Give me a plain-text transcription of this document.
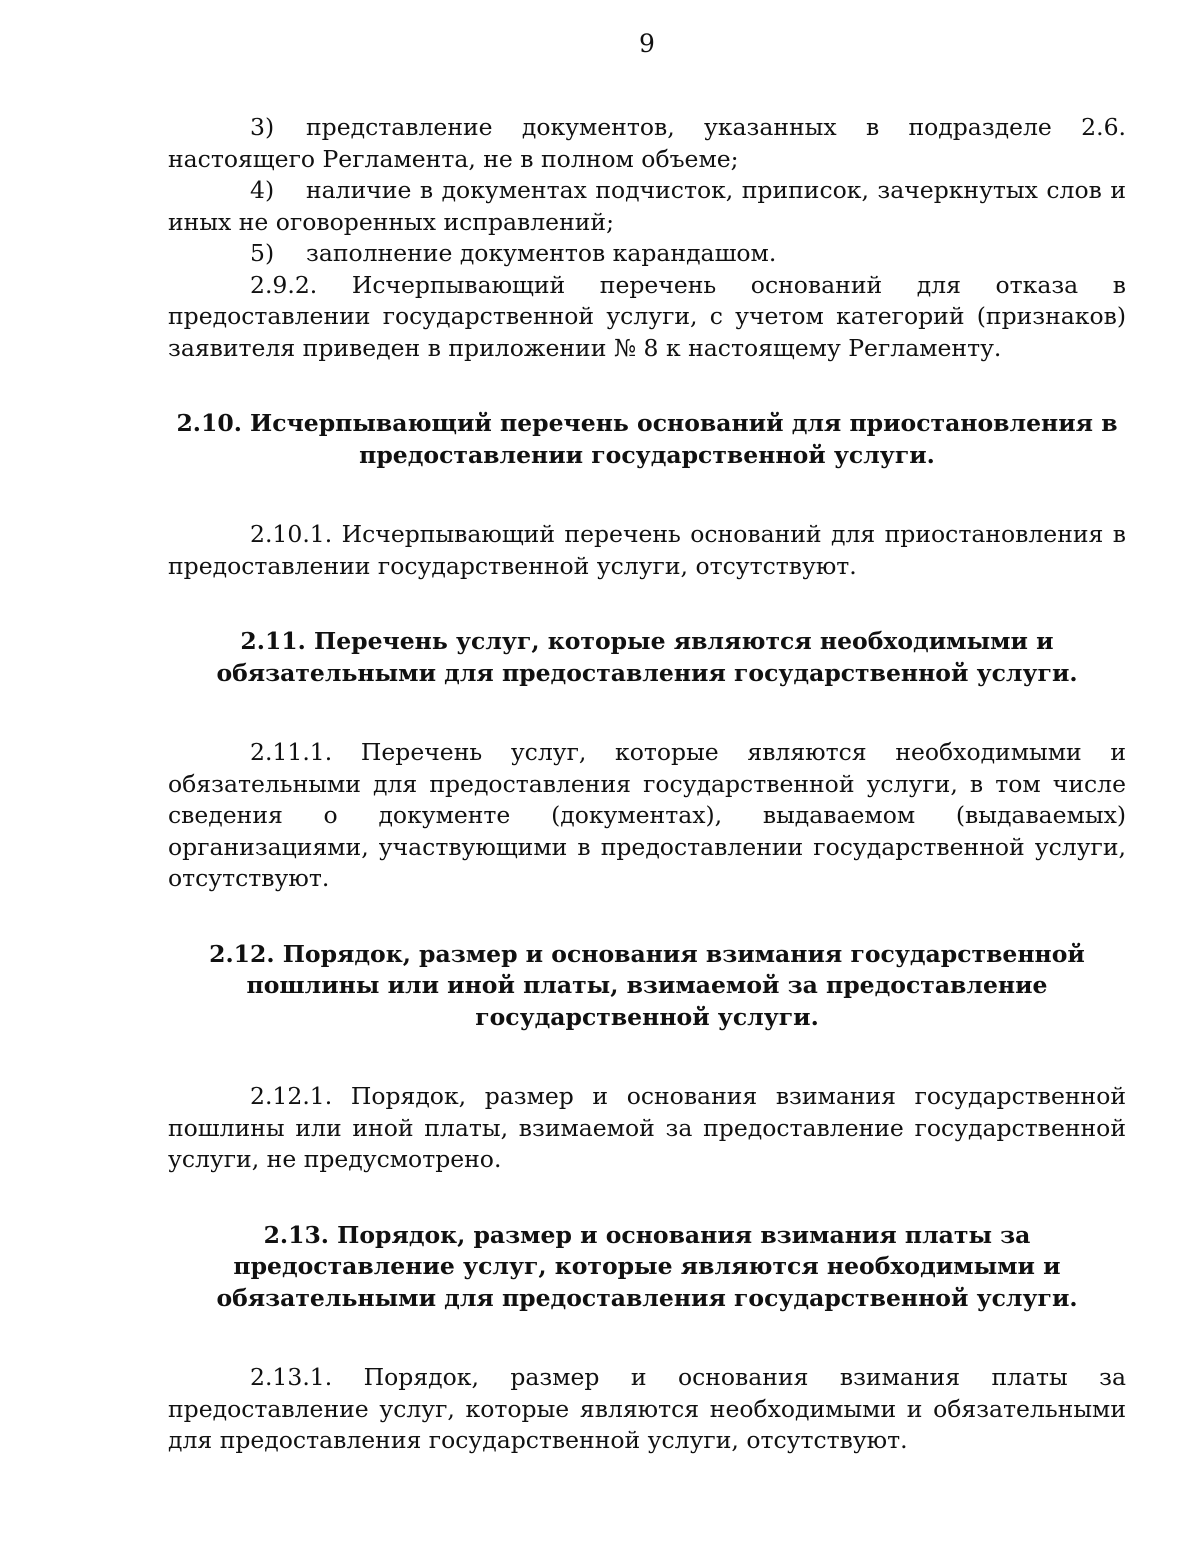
9

3) представление документов, указанных в подразделе 2.6. настоящего Регламента, не в полном объеме;

4) наличие в документах подчисток, приписок, зачеркнутых слов и иных не оговоренных исправлений;

5) заполнение документов карандашом.

2.9.2. Исчерпывающий перечень оснований для отказа в предоставлении государственной услуги, с учетом категорий (признаков) заявителя приведен в приложении № 8 к настоящему Регламенту.

2.10. Исчерпывающий перечень оснований для приостановления в предоставлении государственной услуги.

2.10.1. Исчерпывающий перечень оснований для приостановления в предоставлении государственной услуги, отсутствуют.

2.11. Перечень услуг, которые являются необходимыми и обязательными для предоставления государственной услуги.

2.11.1. Перечень услуг, которые являются необходимыми и обязательными для предоставления государственной услуги, в том числе сведения о документе (документах), выдаваемом (выдаваемых) организациями, участвующими в предоставлении государственной услуги, отсутствуют.

2.12. Порядок, размер и основания взимания государственной пошлины или иной платы, взимаемой за предоставление государственной услуги.

2.12.1. Порядок, размер и основания взимания государственной пошлины или иной платы, взимаемой за предоставление государственной услуги, не предусмотрено.

2.13. Порядок, размер и основания взимания платы за предоставление услуг, которые являются необходимыми и обязательными для предоставления государственной услуги.

2.13.1. Порядок, размер и основания взимания платы за предоставление услуг, которые являются необходимыми и обязательными для предоставления государственной услуги, отсутствуют.
